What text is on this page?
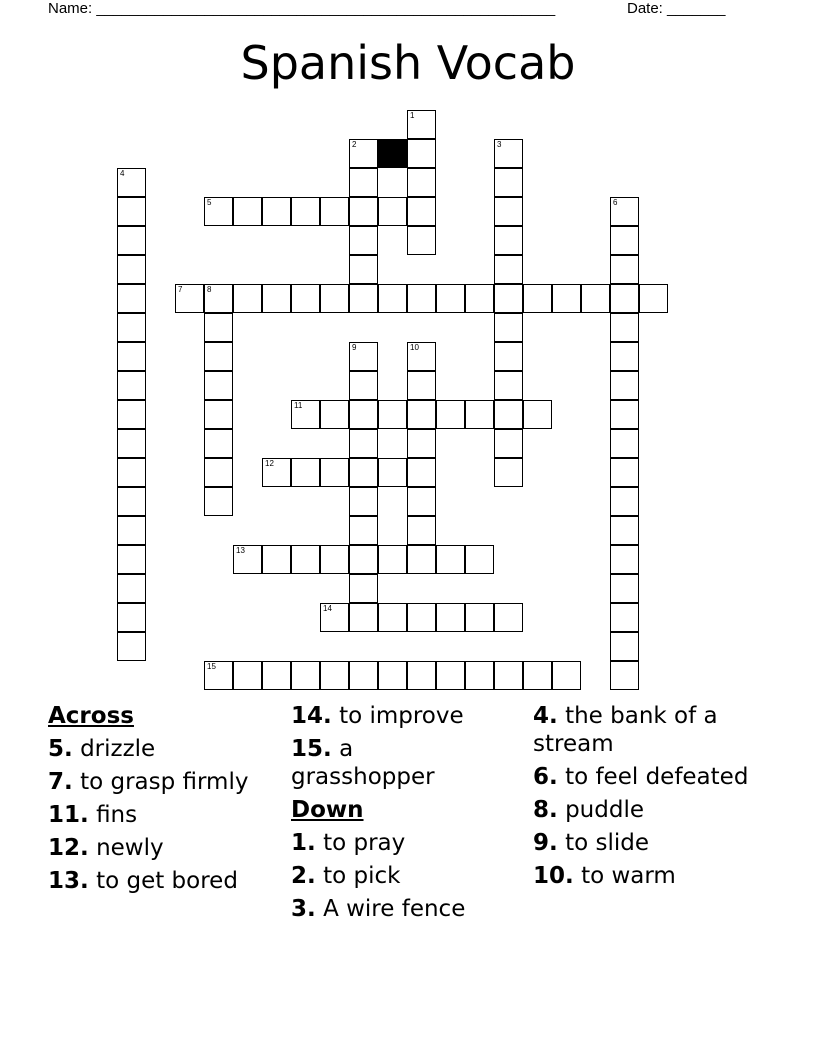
Name: _______________________________________________________	Date: _______
Spanish Vocab
1
2	3
4
5	6
7	8
9	10
11
12
13
14
15
Across
5. drizzle
7. to grasp firmly
11. fins
12. newly
13. to get bored
14. to improve
15. a grasshopper
Down
1. to pray
2. to pick
3. A wire fence
4. the bank of a stream
6. to feel defeated
8. puddle
9. to slide
10. to warm
